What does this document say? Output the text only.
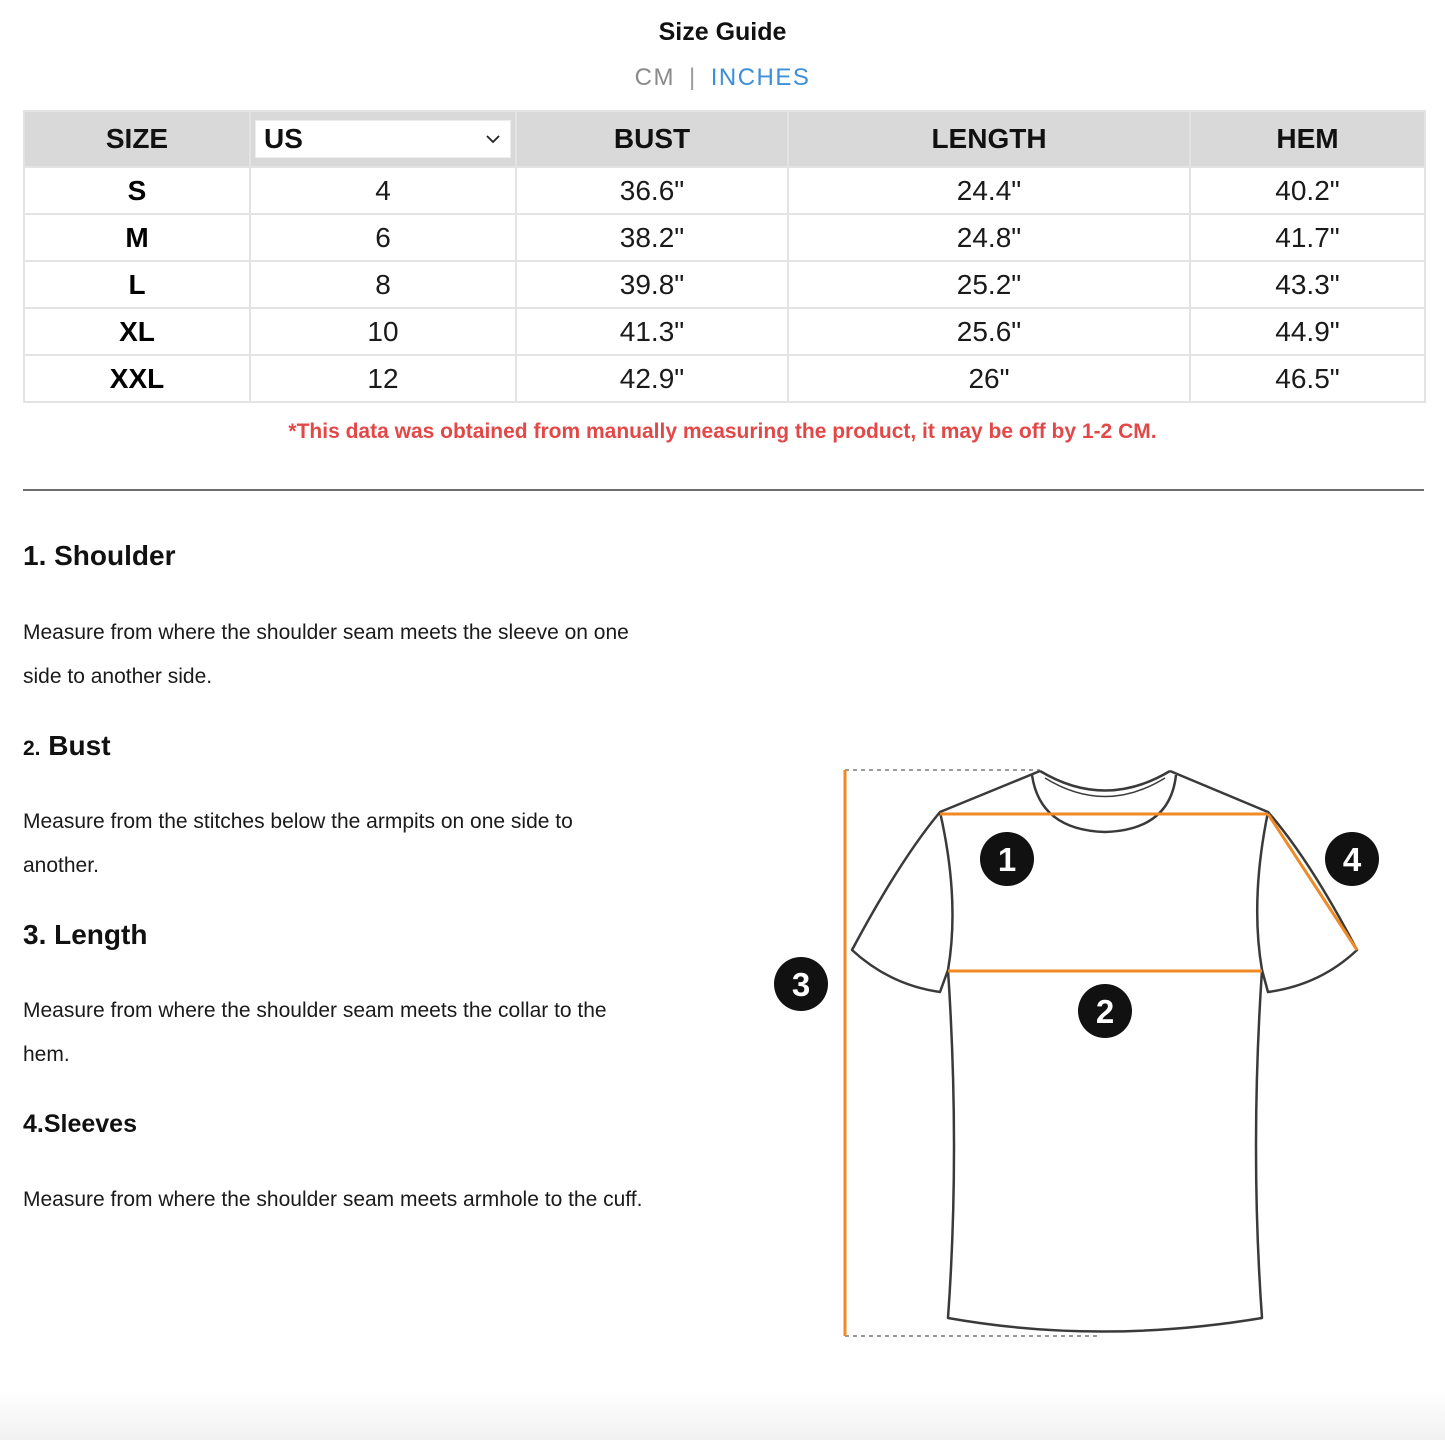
Size Guide
CM | INCHES
SIZE	US	BUST	LENGTH	HEM
S	4	36.6"	24.4"	40.2"
M	6	38.2"	24.8"	41.7"
L	8	39.8"	25.2"	43.3"
XL	10	41.3"	25.6"	44.9"
XXL	12	42.9"	26"	46.5"
*This data was obtained from manually measuring the product, it may be off by 1-2 CM.
1. Shoulder
Measure from where the shoulder seam meets the sleeve on one
side to another side.
2. Bust
Measure from the stitches below the armpits on one side to
another.
3. Length
Measure from where the shoulder seam meets the collar to the
hem.
4.Sleeves
Measure from where the shoulder seam meets armhole to the cuff.
1
2
3
4
